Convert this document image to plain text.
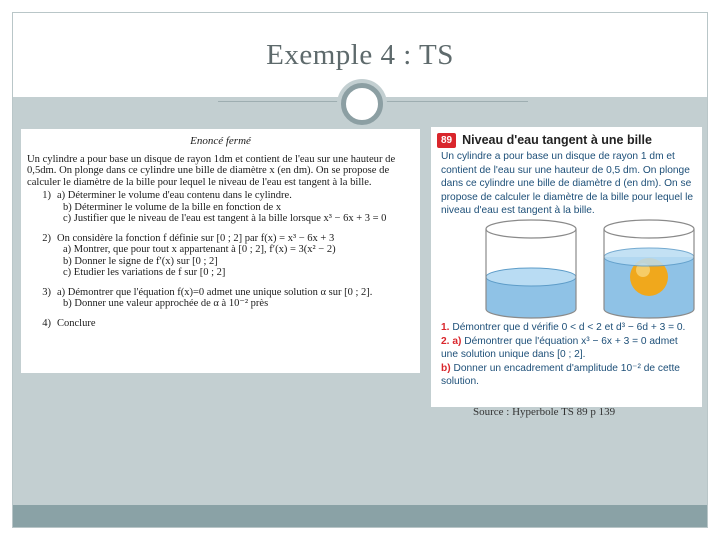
Exemple 4 : TS
Enoncé fermé

Un cylindre a pour base un disque de rayon 1dm et contient de l'eau sur une hauteur de 0,5dm. On plonge dans ce cylindre une bille de diamètre x (en dm). On se propose de calculer le diamètre de la bille pour lequel le niveau de l'eau est tangent à la bille.

1) a) Déterminer le volume d'eau contenu dans le cylindre.

b) Déterminer le volume de la bille en fonction de x

c) Justifier que le niveau de l'eau est tangent à la bille lorsque x³ − 6x + 3 = 0

2) On considère la fonction f définie sur [0 ; 2] par f(x) = x³ − 6x + 3

a) Montrer, que pour tout x appartenant à [0 ; 2], f′(x) = 3(x² − 2)

b) Donner le signe de f′(x) sur [0 ; 2]

c) Etudier les variations de f sur [0 ; 2]

3) a) Démontrer que l'équation f(x)=0 admet une unique solution α sur [0 ; 2].

b) Donner une valeur approchée de α à 10⁻² près

4) Conclure
89 Niveau d'eau tangent à une bille

Un cylindre a pour base un disque de rayon 1 dm et contient de l'eau sur une hauteur de 0,5 dm. On plonge dans ce cylindre une bille de diamètre d (en dm). On se propose de calculer le diamètre de la bille pour lequel le niveau d'eau est tangent à la bille.

1. Démontrer que d vérifie 0 < d < 2 et d³ − 6d + 3 = 0.

2. a) Démontrer que l'équation x³ − 6x + 3 = 0 admet une solution unique dans [0 ; 2].

b) Donner un encadrement d'amplitude 10⁻² de cette solution.

Source : Hyperbole TS 89 p 139
